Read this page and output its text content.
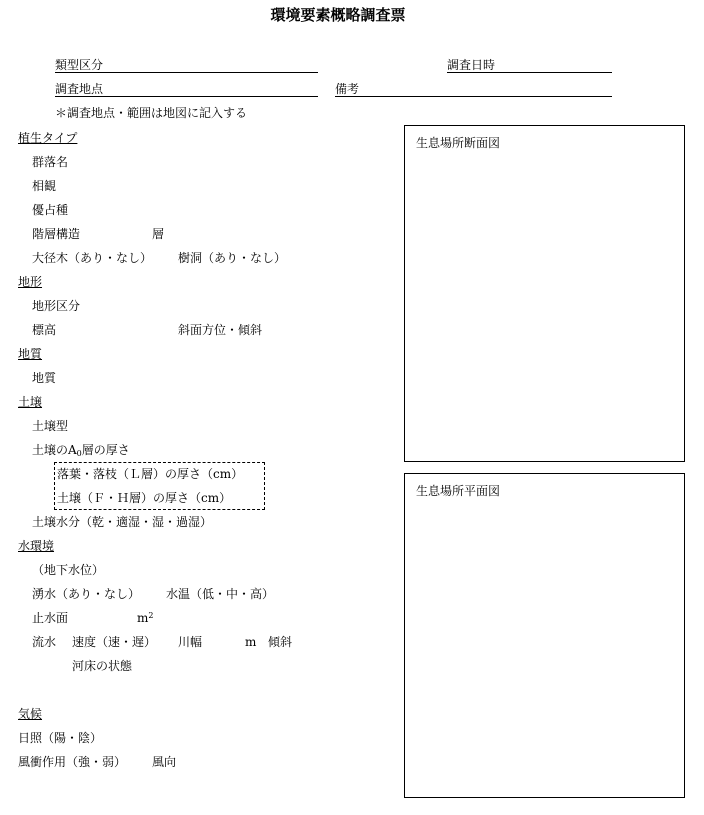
環境要素概略調査票
類型区分	調査日時
調査地点	備考
＊調査地点・範囲は地図に記入する
植生タイプ
群落名
相観
優占種
階層構造	層
大径木（あり・なし） 樹洞（あり・なし）
地形
地形区分
標高	斜面方位・傾斜
地質
地質
土壌
土壌型
土壌の$A_0$層の厚さ
落葉・落枝（Ｌ層）の厚さ（cm）
土壌（Ｆ・Ｈ層）の厚さ（cm）
土壌水分（乾・適湿・湿・過湿）
水環境
（地下水位）
湧水（あり・なし） 水温（低・中・高）
止水面	$m^2$
流水 速度（速・遅） 川幅	m 傾斜
河床の状態
気候
日照（陽・陰）
風衝作用（強・弱） 風向
生息場所断面図
生息場所平面図
